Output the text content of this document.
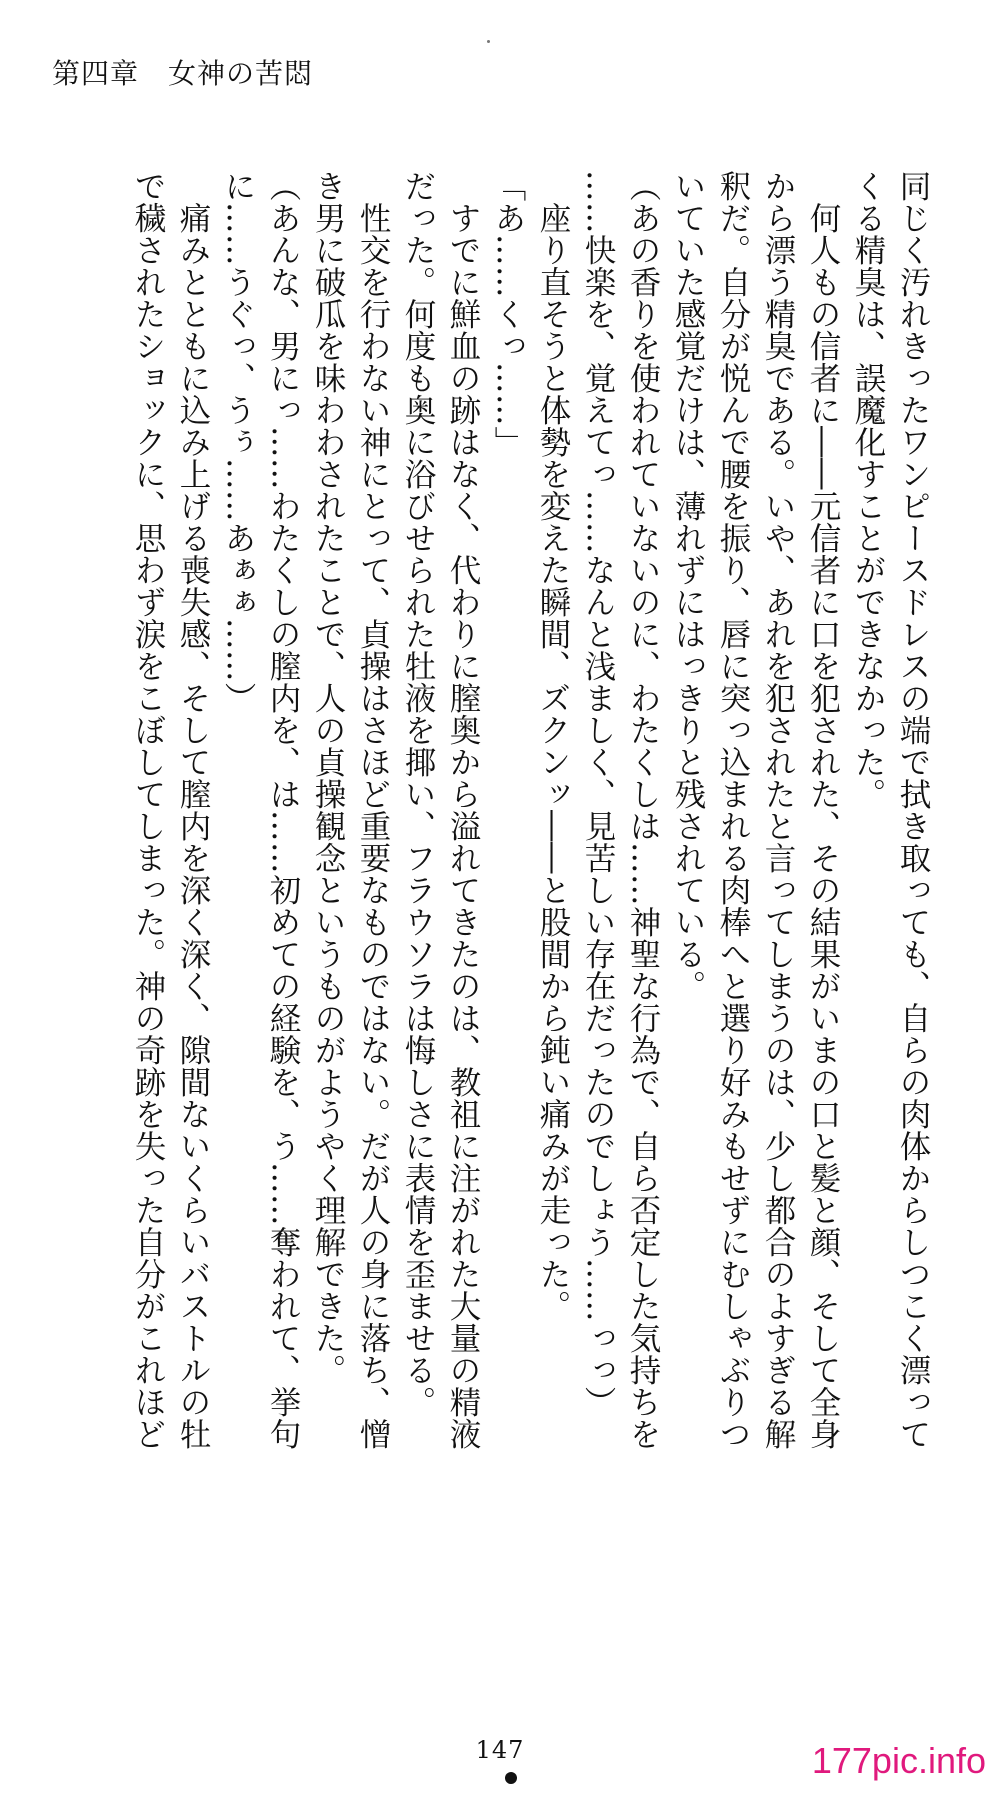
第四章　女神の苦悶
同じく汚れきったワンピースドレスの端で拭き取っても、自らの肉体からしつこく漂って
くる精臭は、誤魔化すことができなかった。
　何人もの信者に――元信者に口を犯された、その結果がいまの口と髪と顔、そして全身
から漂う精臭である。いや、あれを犯されたと言ってしまうのは、少し都合のよすぎる解
釈だ。自分が悦んで腰を振り、唇に突っ込まれる肉棒へと選り好みもせずにむしゃぶりつ
いていた感覚だけは、薄れずにはっきりと残されている。
（あの香りを使われていないのに、わたくしは……神聖な行為で、自ら否定した気持ちを
……快楽を、覚えてっ……なんと浅ましく、見苦しい存在だったのでしょう……っっ）
　座り直そうと体勢を変えた瞬間、ズクンッ――と股間から鈍い痛みが走った。
「あ……くっ……」
　すでに鮮血の跡はなく、代わりに膣奥から溢れてきたのは、教祖に注がれた大量の精液
だった。何度も奥に浴びせられた牡液を揶い、フラウソラは悔しさに表情を歪ませる。
　性交を行わない神にとって、貞操はさほど重要なものではない。だが人の身に落ち、憎
き男に破瓜を味わわされたことで、人の貞操観念というものがようやく理解できた。
（あんな、男にっ……わたくしの膣内を、は……初めての経験を、う……奪われて、挙句
に……うぐっ、うぅ……あぁぁ……）
　痛みとともに込み上げる喪失感、そして膣内を深く深く、隙間ないくらいバストルの牡
で穢されたショックに、思わず涙をこぼしてしまった。神の奇跡を失った自分がこれほど
147	177pic.info
